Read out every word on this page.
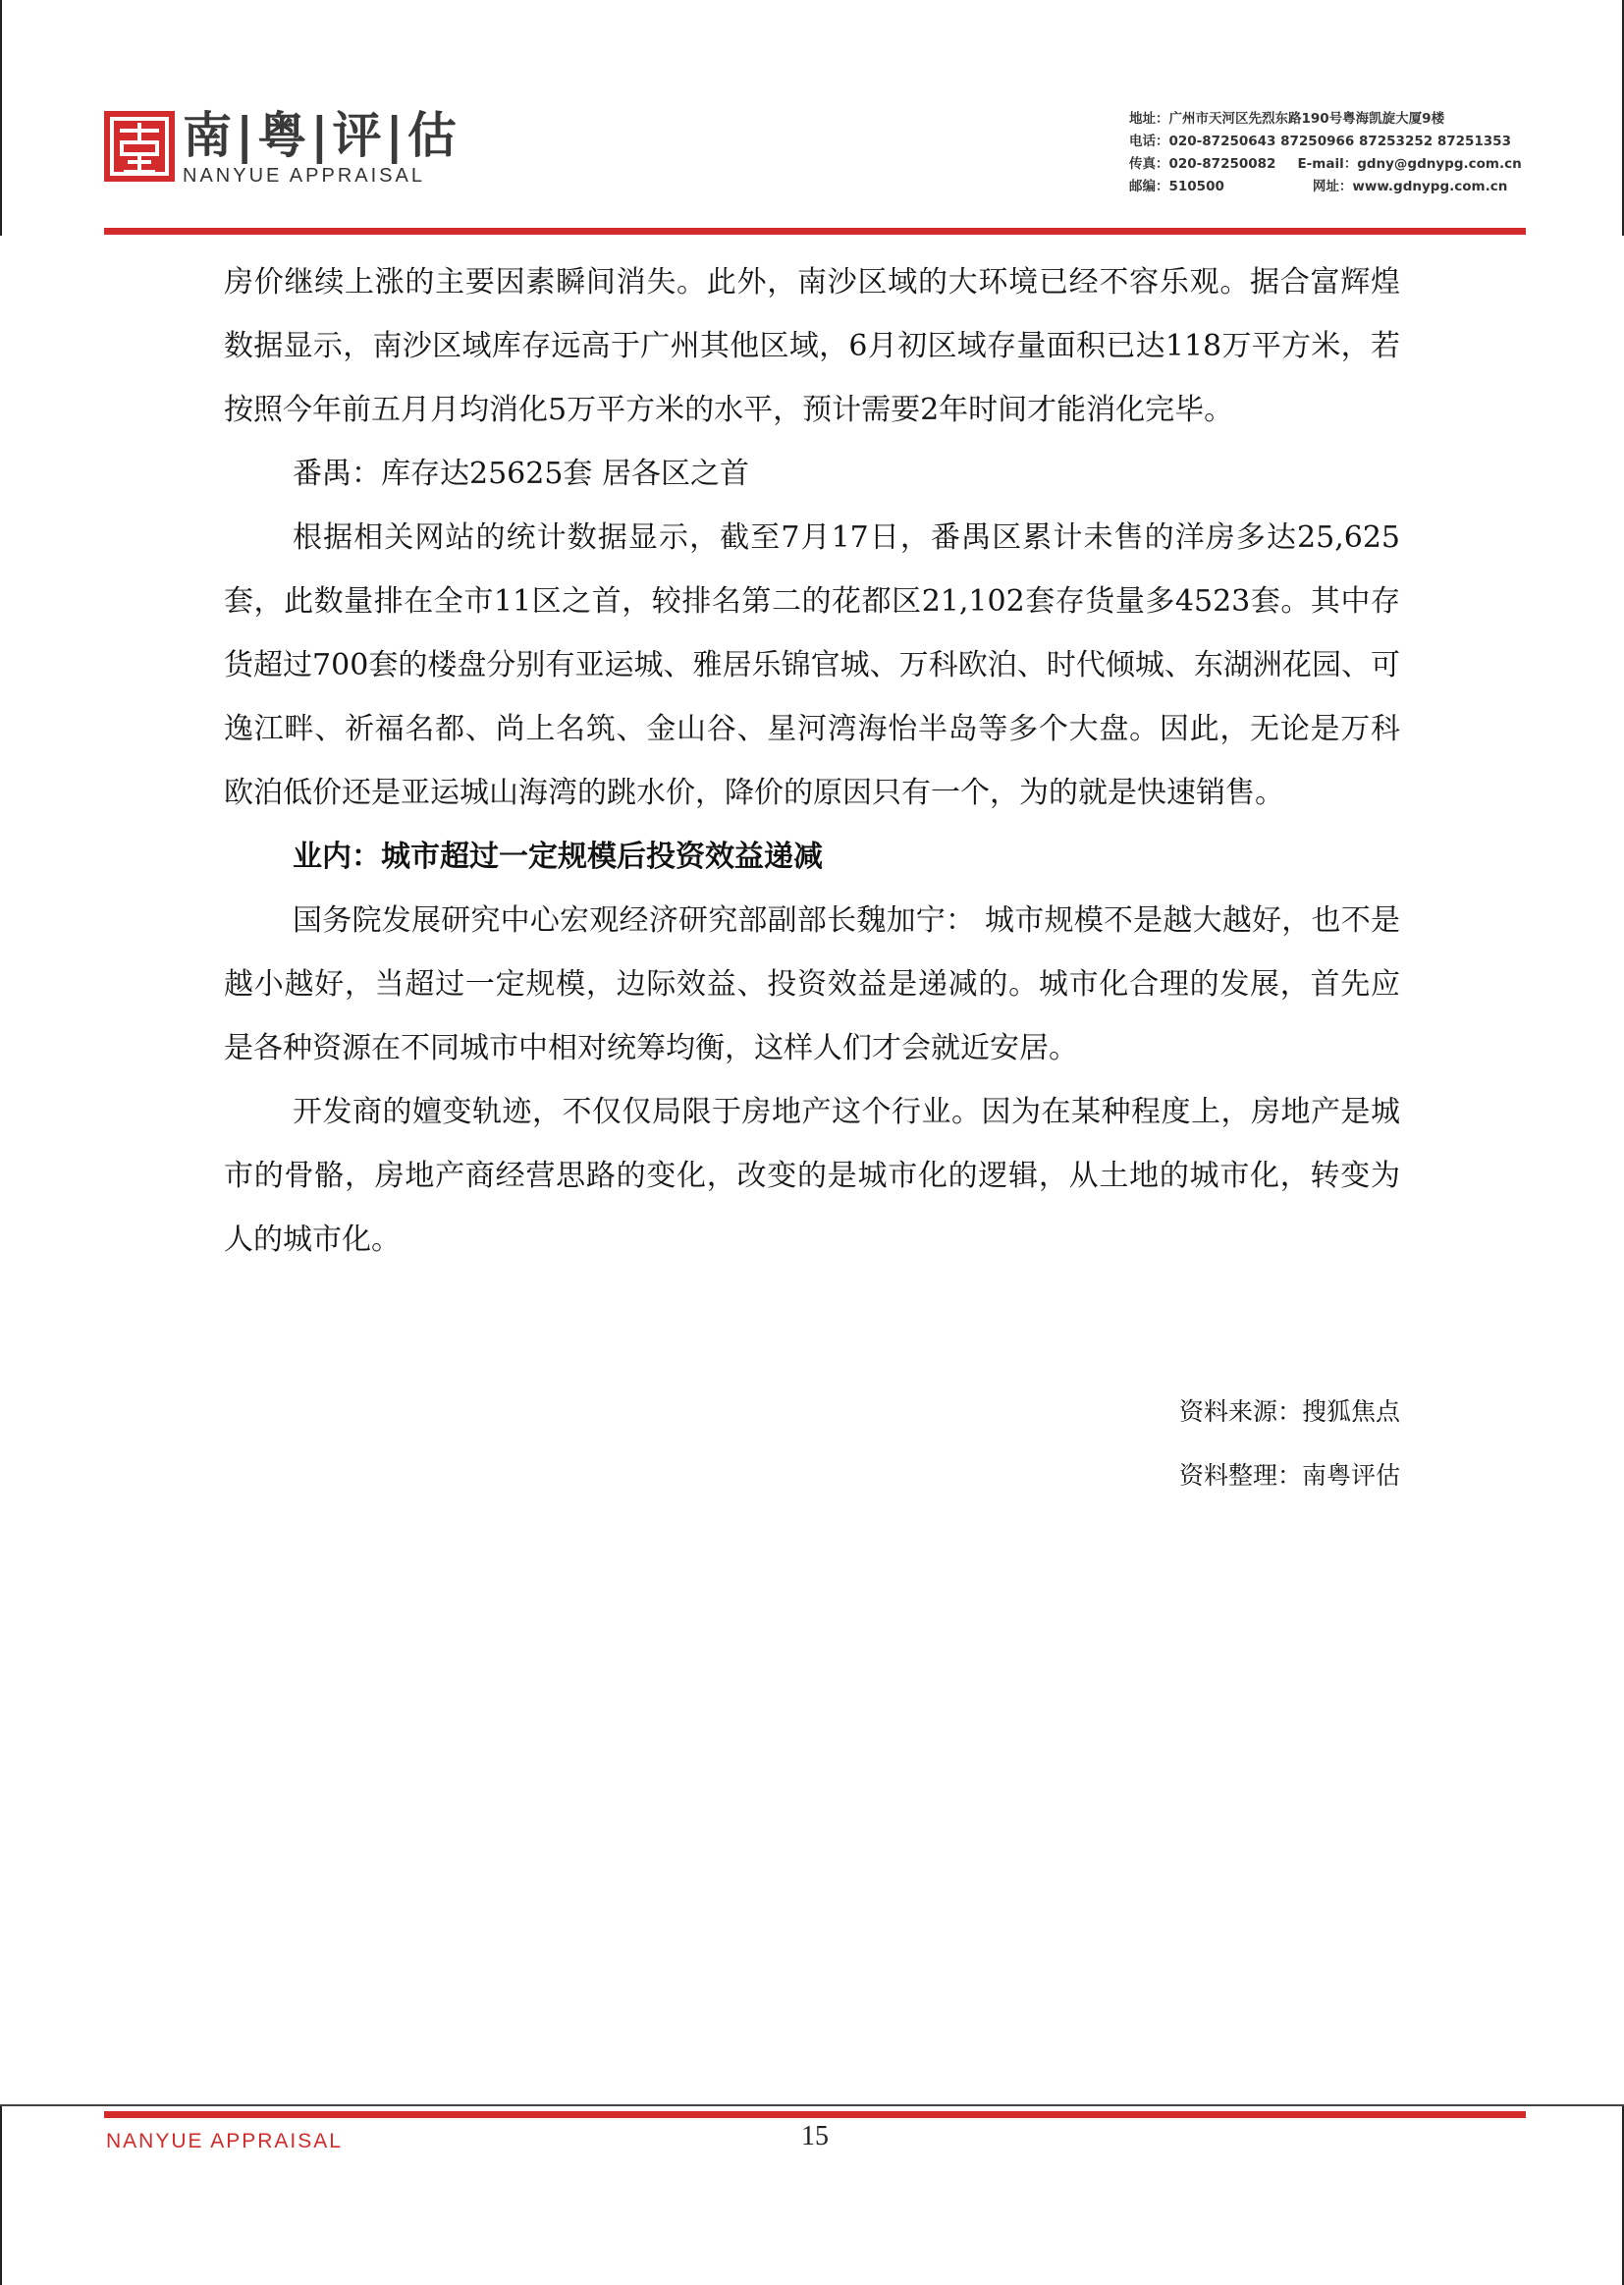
南|粤|评|估
NANYUE APPRAISAL
地址：广州市天河区先烈东路190号粤海凯旋大厦9楼
电话：020-87250643 87250966 87253252 87251353
传真：020-87250082 E-mail：gdny@gdnypg.com.cn
邮编：510500	网址：www.gdnypg.com.cn

房价继续上涨的主要因素瞬间消失。此外，南沙区域的大环境已经不容乐观。据合富辉煌数据显示，南沙区域库存远高于广州其他区域，6月初区域存量面积已达118万平方米，若按照今年前五月月均消化5万平方米的水平，预计需要2年时间才能消化完毕。

番禺：库存达25625套 居各区之首

根据相关网站的统计数据显示，截至7月17日，番禺区累计未售的洋房多达25,625套，此数量排在全市11区之首，较排名第二的花都区21,102套存货量多4523套。其中存货超过700套的楼盘分别有亚运城、雅居乐锦官城、万科欧泊、时代倾城、东湖洲花园、可逸江畔、祈福名都、尚上名筑、金山谷、星河湾海怡半岛等多个大盘。因此，无论是万科欧泊低价还是亚运城山海湾的跳水价，降价的原因只有一个，为的就是快速销售。

业内：城市超过一定规模后投资效益递减

国务院发展研究中心宏观经济研究部副部长魏加宁： 城市规模不是越大越好，也不是越小越好，当超过一定规模，边际效益、投资效益是递减的。城市化合理的发展，首先应是各种资源在不同城市中相对统筹均衡，这样人们才会就近安居。

开发商的嬗变轨迹，不仅仅局限于房地产这个行业。因为在某种程度上，房地产是城市的骨骼，房地产商经营思路的变化，改变的是城市化的逻辑，从土地的城市化，转变为人的城市化。

资料来源：搜狐焦点
资料整理：南粤评估
NANYUE APPRAISAL	15
